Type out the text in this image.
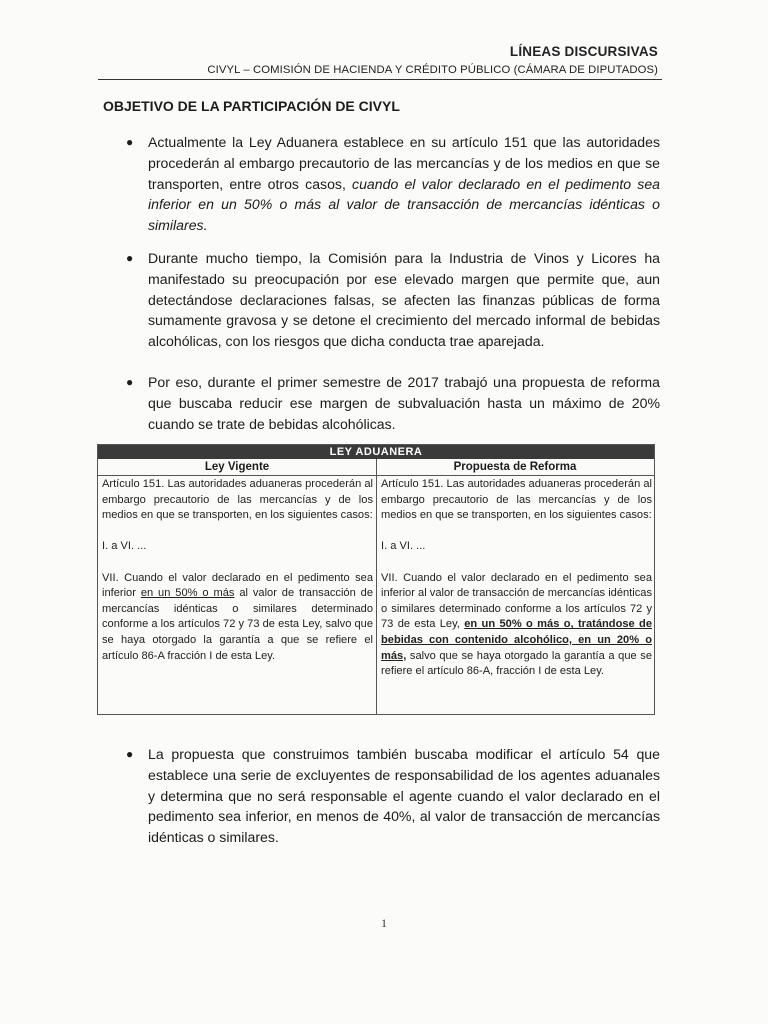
LÍNEAS DISCURSIVAS
CIVYL – COMISIÓN DE HACIENDA Y CRÉDITO PÚBLICO (CÁMARA DE DIPUTADOS)
OBJETIVO DE LA PARTICIPACIÓN DE CIVYL
● Actualmente la Ley Aduanera establece en su artículo 151 que las autoridades procederán al embargo precautorio de las mercancías y de los medios en que se transporten, entre otros casos, cuando el valor declarado en el pedimento sea inferior en un 50% o más al valor de transacción de mercancías idénticas o similares.

● Durante mucho tiempo, la Comisión para la Industria de Vinos y Licores ha manifestado su preocupación por ese elevado margen que permite que, aun detectándose declaraciones falsas, se afecten las finanzas públicas de forma sumamente gravosa y se detone el crecimiento del mercado informal de bebidas alcohólicas, con los riesgos que dicha conducta trae aparejada.

● Por eso, durante el primer semestre de 2017 trabajó una propuesta de reforma que buscaba reducir ese margen de subvaluación hasta un máximo de 20% cuando se trate de bebidas alcohólicas.

LEY ADUANERA
Ley Vigente	Propuesta de Reforma

Artículo 151. Las autoridades aduaneras procederán al embargo precautorio de las mercancías y de los medios en que se transporten, en los siguientes casos:

I. a VI. ...

VII. Cuando el valor declarado en el pedimento sea inferior en un 50% o más al valor de transacción de mercancías idénticas o similares determinado conforme a los artículos 72 y 73 de esta Ley, salvo que se haya otorgado la garantía a que se refiere el artículo 86-A fracción I de esta Ley.

Artículo 151. Las autoridades aduaneras procederán al embargo precautorio de las mercancías y de los medios en que se transporten, en los siguientes casos:

I. a VI. ...

VII. Cuando el valor declarado en el pedimento sea inferior al valor de transacción de mercancías idénticas o similares determinado conforme a los artículos 72 y 73 de esta Ley, en un 50% o más o, tratándose de bebidas con contenido alcohólico, en un 20% o más, salvo que se haya otorgado la garantía a que se refiere el artículo 86-A, fracción I de esta Ley.

● La propuesta que construimos también buscaba modificar el artículo 54 que establece una serie de excluyentes de responsabilidad de los agentes aduanales y determina que no será responsable el agente cuando el valor declarado en el pedimento sea inferior, en menos de 40%, al valor de transacción de mercancías idénticas o similares.

1
